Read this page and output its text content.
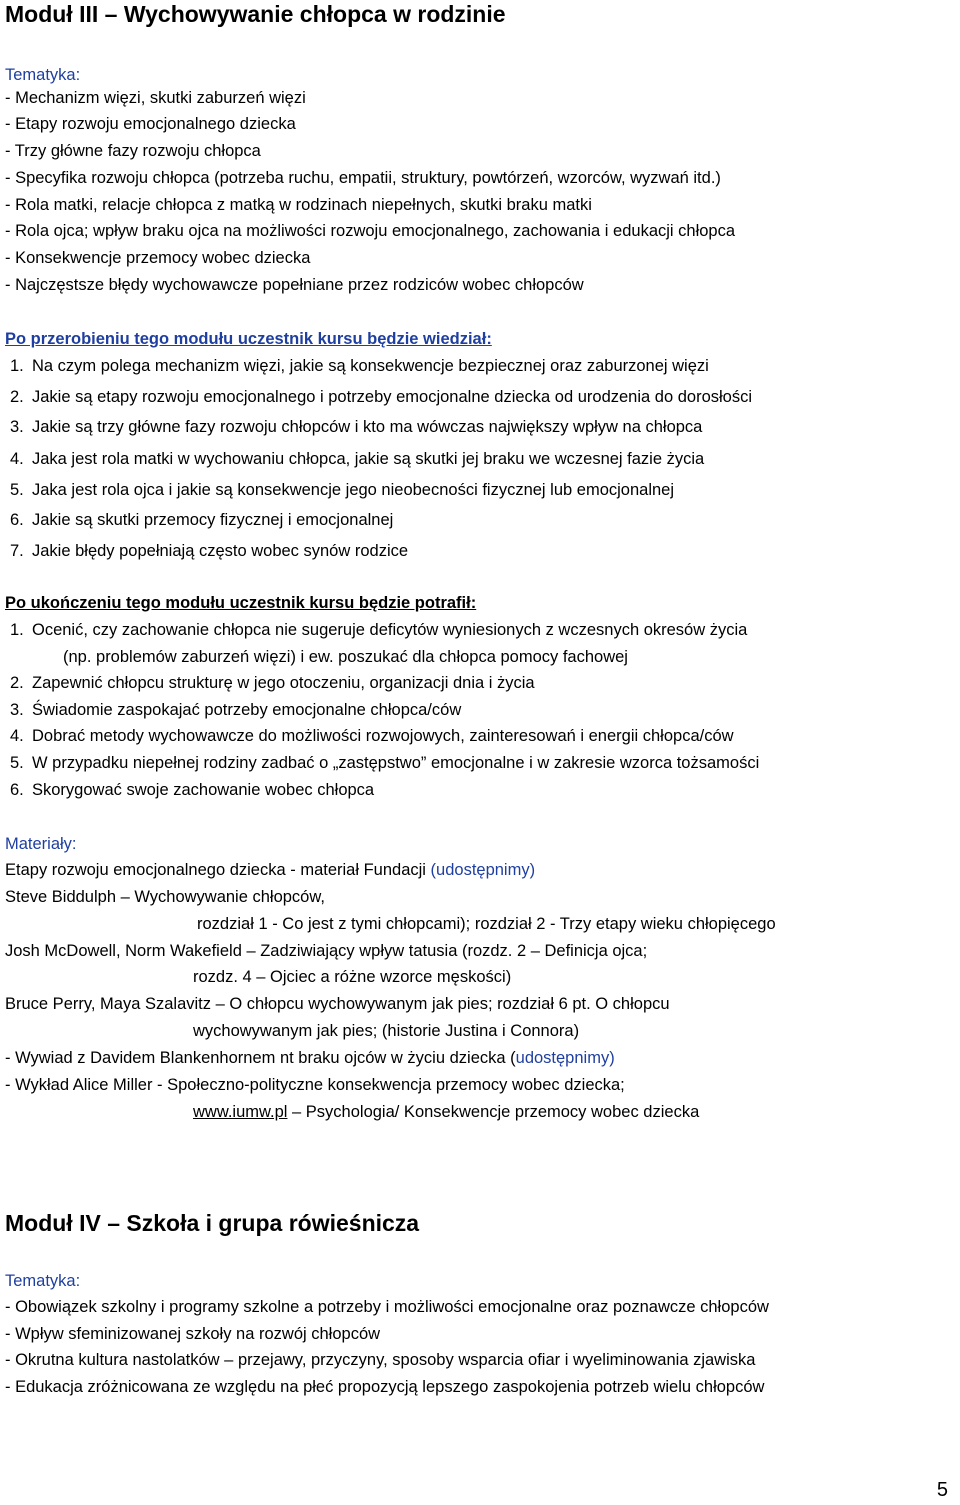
Moduł III – Wychowywanie chłopca w rodzinie
Tematyka:
- Mechanizm więzi, skutki zaburzeń więzi
- Etapy rozwoju emocjonalnego dziecka
- Trzy główne fazy rozwoju chłopca
- Specyfika rozwoju chłopca (potrzeba ruchu, empatii, struktury, powtórzeń, wzorców, wyzwań itd.)
- Rola matki, relacje chłopca z matką w rodzinach niepełnych, skutki braku matki
- Rola ojca; wpływ braku ojca na możliwości rozwoju emocjonalnego, zachowania i edukacji chłopca
- Konsekwencje przemocy wobec dziecka
- Najczęstsze błędy wychowawcze popełniane przez rodziców wobec chłopców
Po przerobieniu tego modułu uczestnik kursu będzie wiedział:
1. Na czym polega mechanizm więzi, jakie są konsekwencje bezpiecznej oraz zaburzonej więzi
2. Jakie są etapy rozwoju emocjonalnego i potrzeby emocjonalne dziecka od urodzenia do dorosłości
3. Jakie są trzy główne fazy rozwoju chłopców i kto ma wówczas największy wpływ na chłopca
4. Jaka jest rola matki w wychowaniu chłopca, jakie są skutki jej braku we wczesnej fazie życia
5. Jaka jest rola ojca i jakie są konsekwencje jego nieobecności fizycznej lub emocjonalnej
6. Jakie są skutki przemocy fizycznej i emocjonalnej
7. Jakie błędy popełniają często wobec synów rodzice
Po ukończeniu tego modułu uczestnik kursu będzie potrafił:
1. Ocenić, czy zachowanie chłopca nie sugeruje deficytów wyniesionych z wczesnych okresów życia
(np. problemów zaburzeń więzi) i ew. poszukać dla chłopca pomocy fachowej
2. Zapewnić chłopcu strukturę w jego otoczeniu, organizacji dnia i życia
3. Świadomie zaspokajać potrzeby emocjonalne chłopca/ców
4. Dobrać metody wychowawcze do możliwości rozwojowych, zainteresowań i energii chłopca/ców
5. W przypadku niepełnej rodziny zadbać o „zastępstwo” emocjonalne i w zakresie wzorca tożsamości
6. Skorygować swoje zachowanie wobec chłopca
Materiały:
Etapy rozwoju emocjonalnego dziecka - materiał Fundacji (udostępnimy)
Steve Biddulph – Wychowywanie chłopców,
rozdział 1 - Co jest z tymi chłopcami); rozdział 2 - Trzy etapy wieku chłopięcego
Josh McDowell, Norm Wakefield – Zadziwiający wpływ tatusia (rozdz. 2 – Definicja ojca;
rozdz. 4 – Ojciec a różne wzorce męskości)
Bruce Perry, Maya Szalavitz – O chłopcu wychowywanym jak pies; rozdział 6 pt. O chłopcu
wychowywanym jak pies; (historie Justina i Connora)
- Wywiad z Davidem Blankenhornem nt braku ojców w życiu dziecka (udostępnimy)
- Wykład Alice Miller - Społeczno-polityczne konsekwencja przemocy wobec dziecka;
www.iumw.pl – Psychologia/ Konsekwencje przemocy wobec dziecka
Moduł IV – Szkoła i grupa rówieśnicza
Tematyka:
- Obowiązek szkolny i programy szkolne a potrzeby i możliwości emocjonalne oraz poznawcze chłopców
- Wpływ sfeminizowanej szkoły na rozwój chłopców
- Okrutna kultura nastolatków – przejawy, przyczyny, sposoby wsparcia ofiar i wyeliminowania zjawiska
- Edukacja zróżnicowana ze względu na płeć propozycją lepszego zaspokojenia potrzeb wielu chłopców
5
